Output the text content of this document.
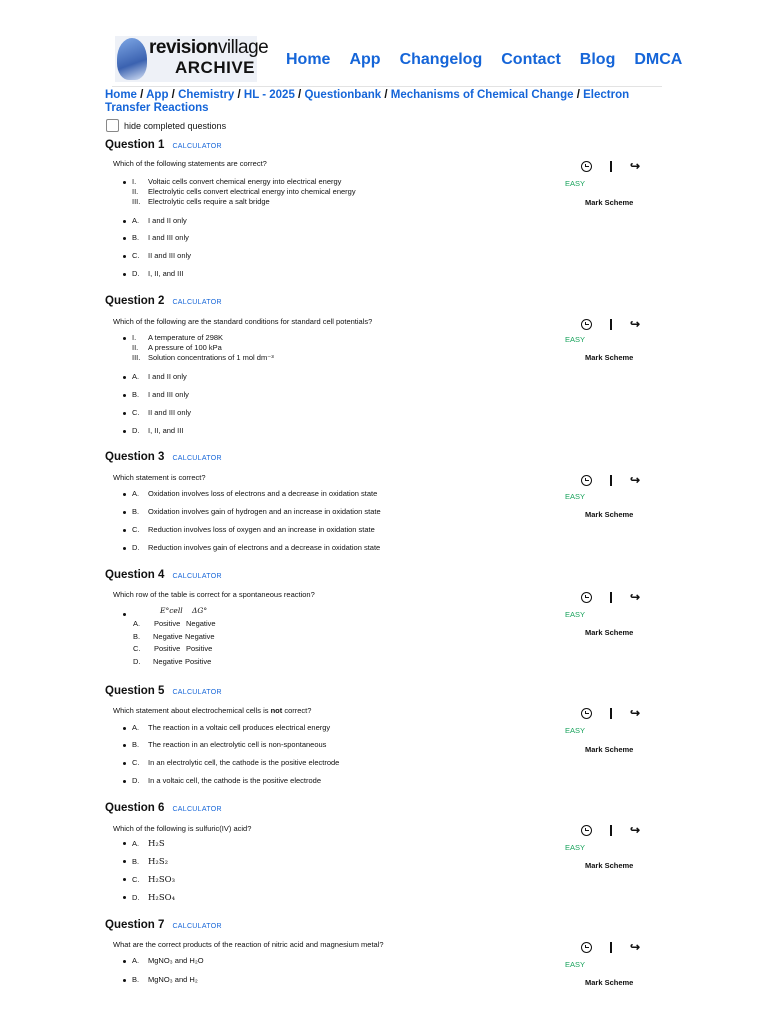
revisionvillage
ARCHIVE Home App Changelog Contact Blog DMCA
Home / App / Chemistry / HL - 2025 / Questionbank / Mechanisms of Chemical Change / Electron Transfer Reactions
hide completed questions
Question 1 CALCULATOR
Which of the following statements are correct?
I. Voltaic cells convert chemical energy into electrical energy
II. Electrolytic cells convert electrical energy into chemical energy
III. Electrolytic cells require a salt bridge
A. I and II only
B. I and III only
C. II and III only
D. I, II, and III
↪
EASY
Mark Scheme
Question 2 CALCULATOR
Which of the following are the standard conditions for standard cell potentials?
I. A temperature of 298K
II. A pressure of 100 kPa
III. Solution concentrations of 1 mol dm⁻³
A. I and II only
B. I and III only
C. II and III only
D. I, II, and III
↪
EASY
Mark Scheme
Question 3 CALCULATOR
Which statement is correct?
A. Oxidation involves loss of electrons and a decrease in oxidation state
B. Oxidation involves gain of hydrogen and an increase in oxidation state
C. Reduction involves loss of oxygen and an increase in oxidation state
D. Reduction involves gain of electrons and a decrease in oxidation state
↪
EASY
Mark Scheme
Question 4 CALCULATOR
Which row of the table is correct for a spontaneous reaction?
E°cell ΔG°
A. Positive Negative
B. Negative Negative
C. Positive Positive
D. Negative Positive
↪
EASY
Mark Scheme
Question 5 CALCULATOR
Which statement about electrochemical cells is not correct?
A. The reaction in a voltaic cell produces electrical energy
B. The reaction in an electrolytic cell is non-spontaneous
C. In an electrolytic cell, the cathode is the positive electrode
D. In a voltaic cell, the cathode is the positive electrode
↪
EASY
Mark Scheme
Question 6 CALCULATOR
Which of the following is sulfuric(IV) acid?
A. H₂S
B. H₂S₂
C. H₂SO₃
D. H₂SO₄
↪
EASY
Mark Scheme
Question 7 CALCULATOR
What are the correct products of the reaction of nitric acid and magnesium metal?
A. MgNO₃ and H₂O
B. MgNO₃ and H₂
↪
EASY
Mark Scheme
